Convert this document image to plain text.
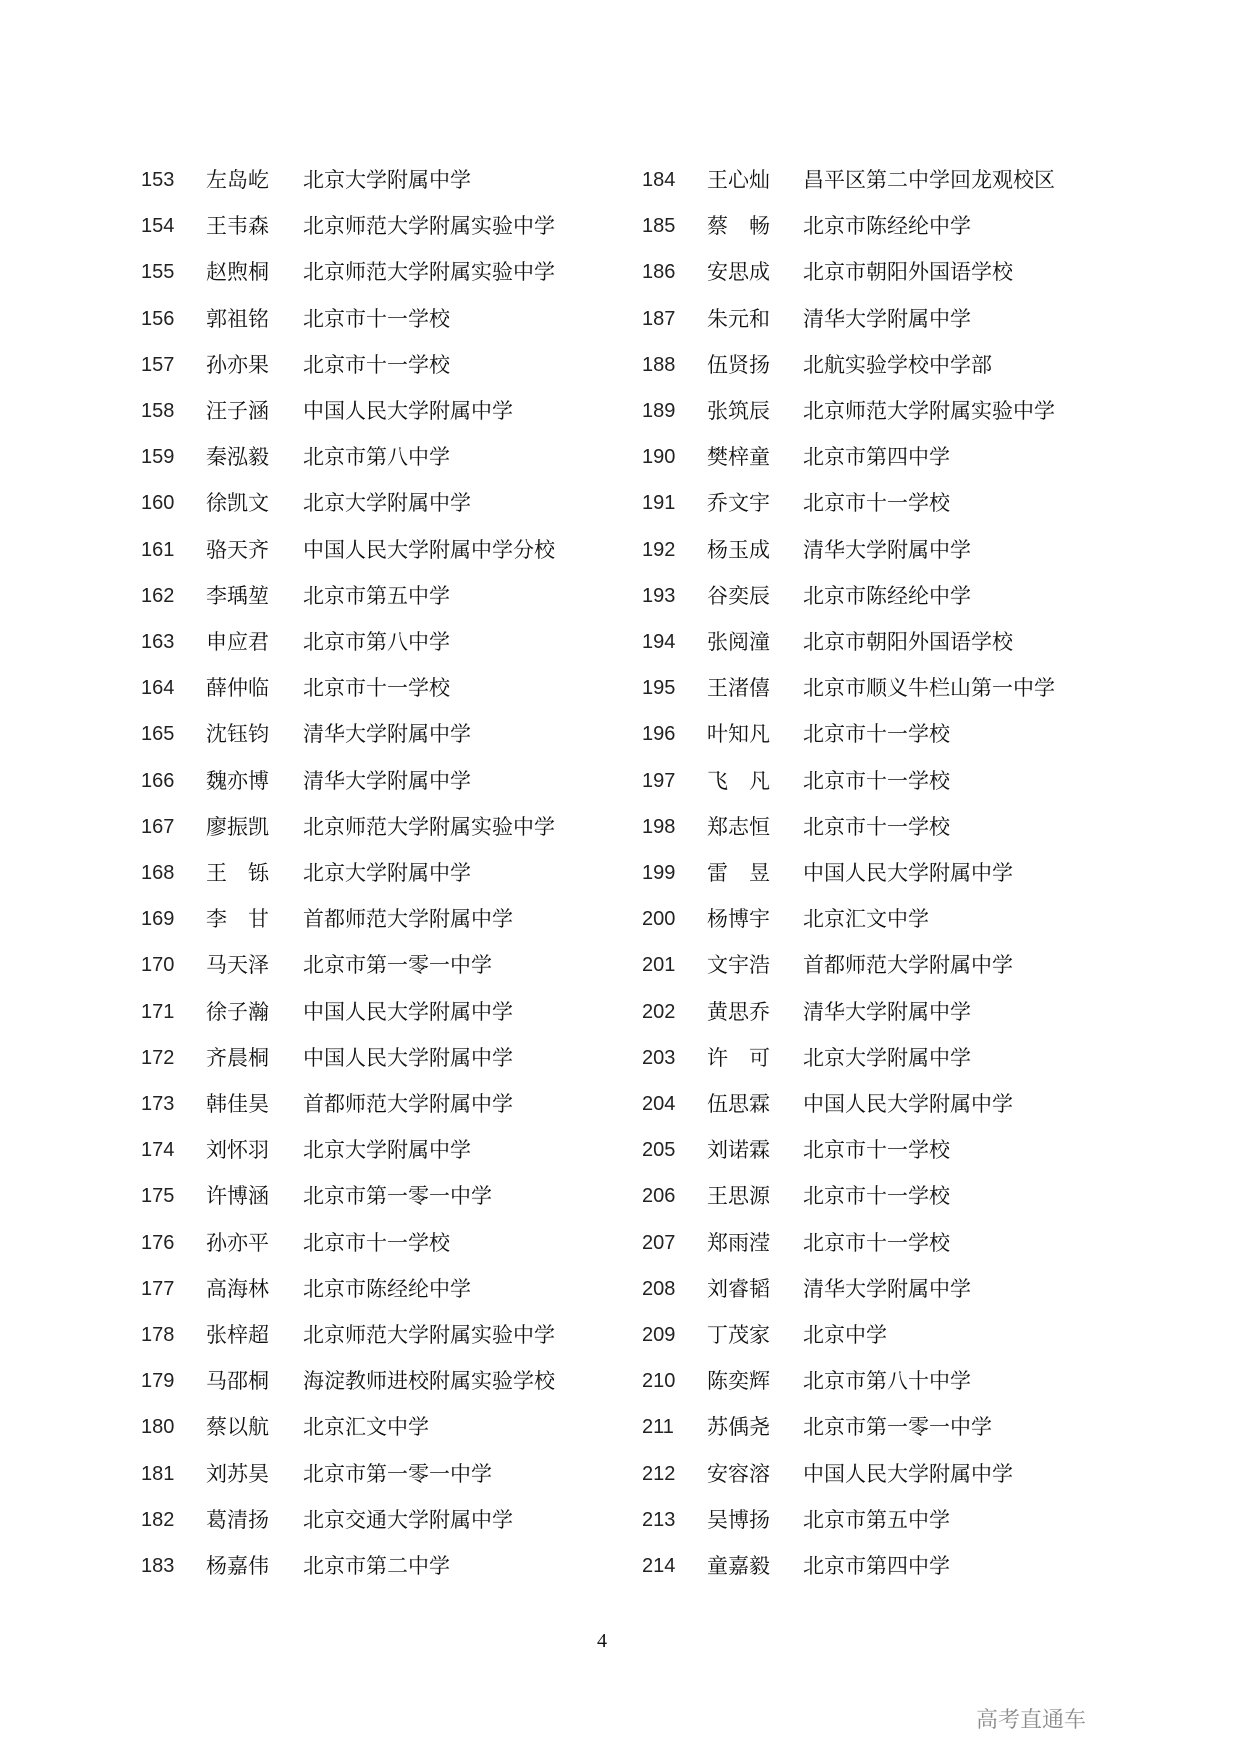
153 左岛屹 北京大学附属中学
154 王韦森 北京师范大学附属实验中学
155 赵煦桐 北京师范大学附属实验中学
156 郭祖铭 北京市十一学校
157 孙亦果 北京市十一学校
158 汪子涵 中国人民大学附属中学
159 秦泓毅 北京市第八中学
160 徐凯文 北京大学附属中学
161 骆天齐 中国人民大学附属中学分校
162 李瑀堃 北京市第五中学
163 申应君 北京市第八中学
164 薛仲临 北京市十一学校
165 沈钰钧 清华大学附属中学
166 魏亦博 清华大学附属中学
167 廖振凯 北京师范大学附属实验中学
168 王　铄 北京大学附属中学
169 李　甘 首都师范大学附属中学
170 马天泽 北京市第一零一中学
171 徐子瀚 中国人民大学附属中学
172 齐晨桐 中国人民大学附属中学
173 韩佳昊 首都师范大学附属中学
174 刘怀羽 北京大学附属中学
175 许博涵 北京市第一零一中学
176 孙亦平 北京市十一学校
177 高海林 北京市陈经纶中学
178 张梓超 北京师范大学附属实验中学
179 马邵桐 海淀教师进校附属实验学校
180 蔡以航 北京汇文中学
181 刘苏昊 北京市第一零一中学
182 葛清扬 北京交通大学附属中学
183 杨嘉伟 北京市第二中学
184 王心灿 昌平区第二中学回龙观校区
185 蔡　畅 北京市陈经纶中学
186 安思成 北京市朝阳外国语学校
187 朱元和 清华大学附属中学
188 伍贤扬 北航实验学校中学部
189 张筑辰 北京师范大学附属实验中学
190 樊梓童 北京市第四中学
191 乔文宇 北京市十一学校
192 杨玉成 清华大学附属中学
193 谷奕辰 北京市陈经纶中学
194 张阅潼 北京市朝阳外国语学校
195 王渚僖 北京市顺义牛栏山第一中学
196 叶知凡 北京市十一学校
197 飞　凡 北京市十一学校
198 郑志恒 北京市十一学校
199 雷　昱 中国人民大学附属中学
200 杨博宇 北京汇文中学
201 文宇浩 首都师范大学附属中学
202 黄思乔 清华大学附属中学
203 许　可 北京大学附属中学
204 伍思霖 中国人民大学附属中学
205 刘诺霖 北京市十一学校
206 王思源 北京市十一学校
207 郑雨滢 北京市十一学校
208 刘睿韬 清华大学附属中学
209 丁茂家 北京中学
210 陈奕辉 北京市第八十中学
211 苏偊尧 北京市第一零一中学
212 安容溶 中国人民大学附属中学
213 吴博扬 北京市第五中学
214 童嘉毅 北京市第四中学
4
高考直通车
